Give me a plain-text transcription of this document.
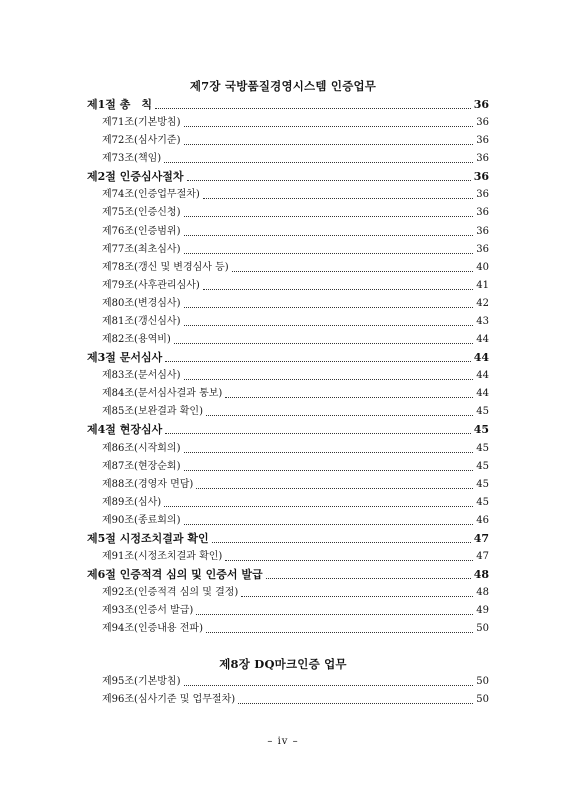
제7장 국방품질경영시스템 인증업무
제1절 총　칙	36
제71조(기본방침)	36
제72조(심사기준)	36
제73조(책임)	36
제2절 인증심사절차	36
제74조(인증업무절차)	36
제75조(인증신청)	36
제76조(인증범위)	36
제77조(최초심사)	36
제78조(갱신 및 변경심사 등)	40
제79조(사후관리심사)	41
제80조(변경심사)	42
제81조(갱신심사)	43
제82조(용역비)	44
제3절 문서심사	44
제83조(문서심사)	44
제84조(문서심사결과 통보)	44
제85조(보완결과 확인)	45
제4절 현장심사	45
제86조(시작회의)	45
제87조(현장순회)	45
제88조(경영자 면담)	45
제89조(심사)	45
제90조(종료회의)	46
제5절 시정조치결과 확인	47
제91조(시정조치결과 확인)	47
제6절 인증적격 심의 및 인증서 발급	48
제92조(인증적격 심의 및 결정)	48
제93조(인증서 발급)	49
제94조(인증내용 전파)	50
제8장 DQ마크인증 업무
제95조(기본방침)	50
제96조(심사기준 및 업무절차)	50
– iv –
